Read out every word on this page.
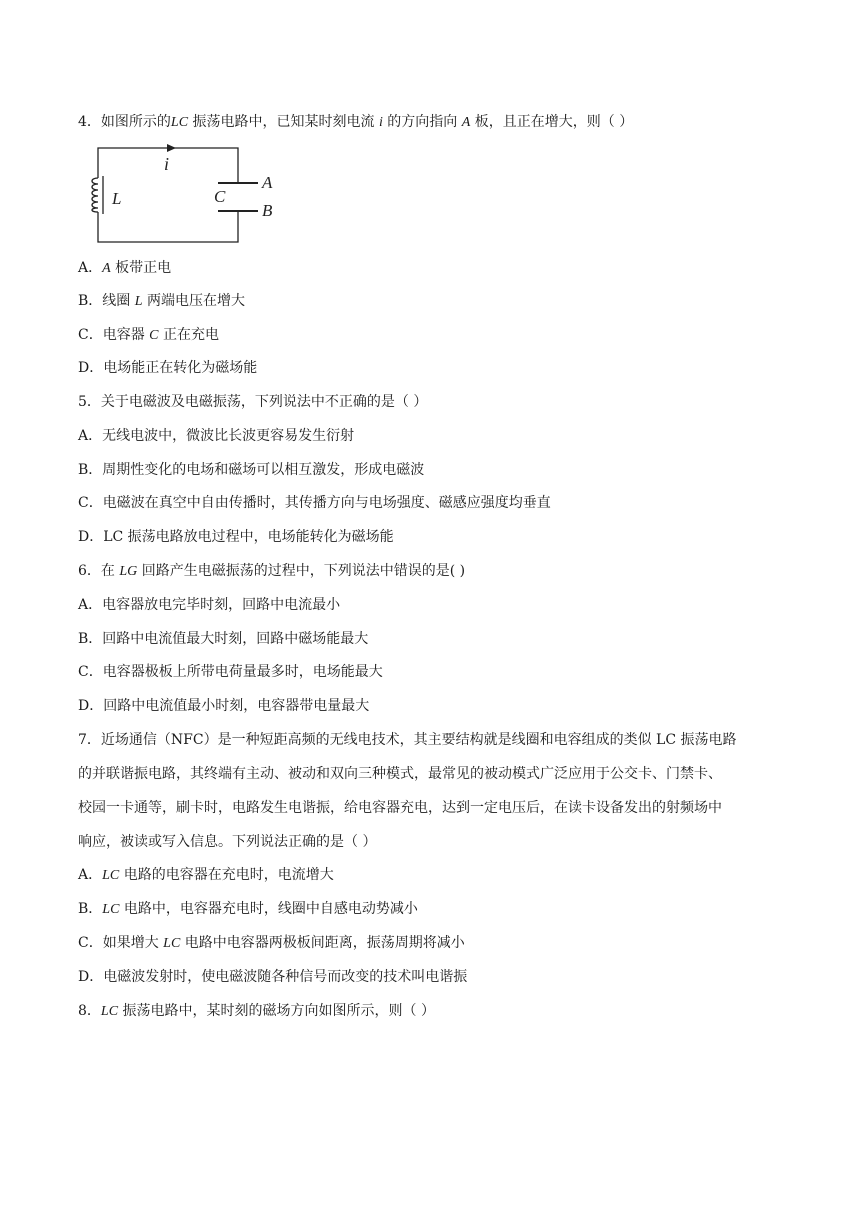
4．如图所示的LC 振荡电路中，已知某时刻电流 i 的方向指向 A 板，且正在增大，则（ ）
i
L	C
A
B
A．A 板带正电
B．线圈 L 两端电压在增大
C．电容器 C 正在充电
D．电场能正在转化为磁场能
5．关于电磁波及电磁振荡，下列说法中不正确的是（ ）
A．无线电波中，微波比长波更容易发生衍射
B．周期性变化的电场和磁场可以相互激发，形成电磁波
C．电磁波在真空中自由传播时，其传播方向与电场强度、磁感应强度均垂直
D．LC 振荡电路放电过程中，电场能转化为磁场能
6．在 LG 回路产生电磁振荡的过程中，下列说法中错误的是( )
A．电容器放电完毕时刻，回路中电流最小
B．回路中电流值最大时刻，回路中磁场能最大
C．电容器极板上所带电荷量最多时，电场能最大
D．回路中电流值最小时刻，电容器带电量最大
7．近场通信（NFC）是一种短距高频的无线电技术，其主要结构就是线圈和电容组成的类似 LC 振荡电路
的并联谐振电路，其终端有主动、被动和双向三种模式，最常见的被动模式广泛应用于公交卡、门禁卡、
校园一卡通等，刷卡时，电路发生电谐振，给电容器充电，达到一定电压后，在读卡设备发出的射频场中
响应，被读或写入信息。下列说法正确的是（ ）
A．LC 电路的电容器在充电时，电流增大
B．LC 电路中，电容器充电时，线圈中自感电动势减小
C．如果增大 LC 电路中电容器两极板间距离，振荡周期将减小
D．电磁波发射时，使电磁波随各种信号而改变的技术叫电谐振
8．LC 振荡电路中，某时刻的磁场方向如图所示，则（ ）
